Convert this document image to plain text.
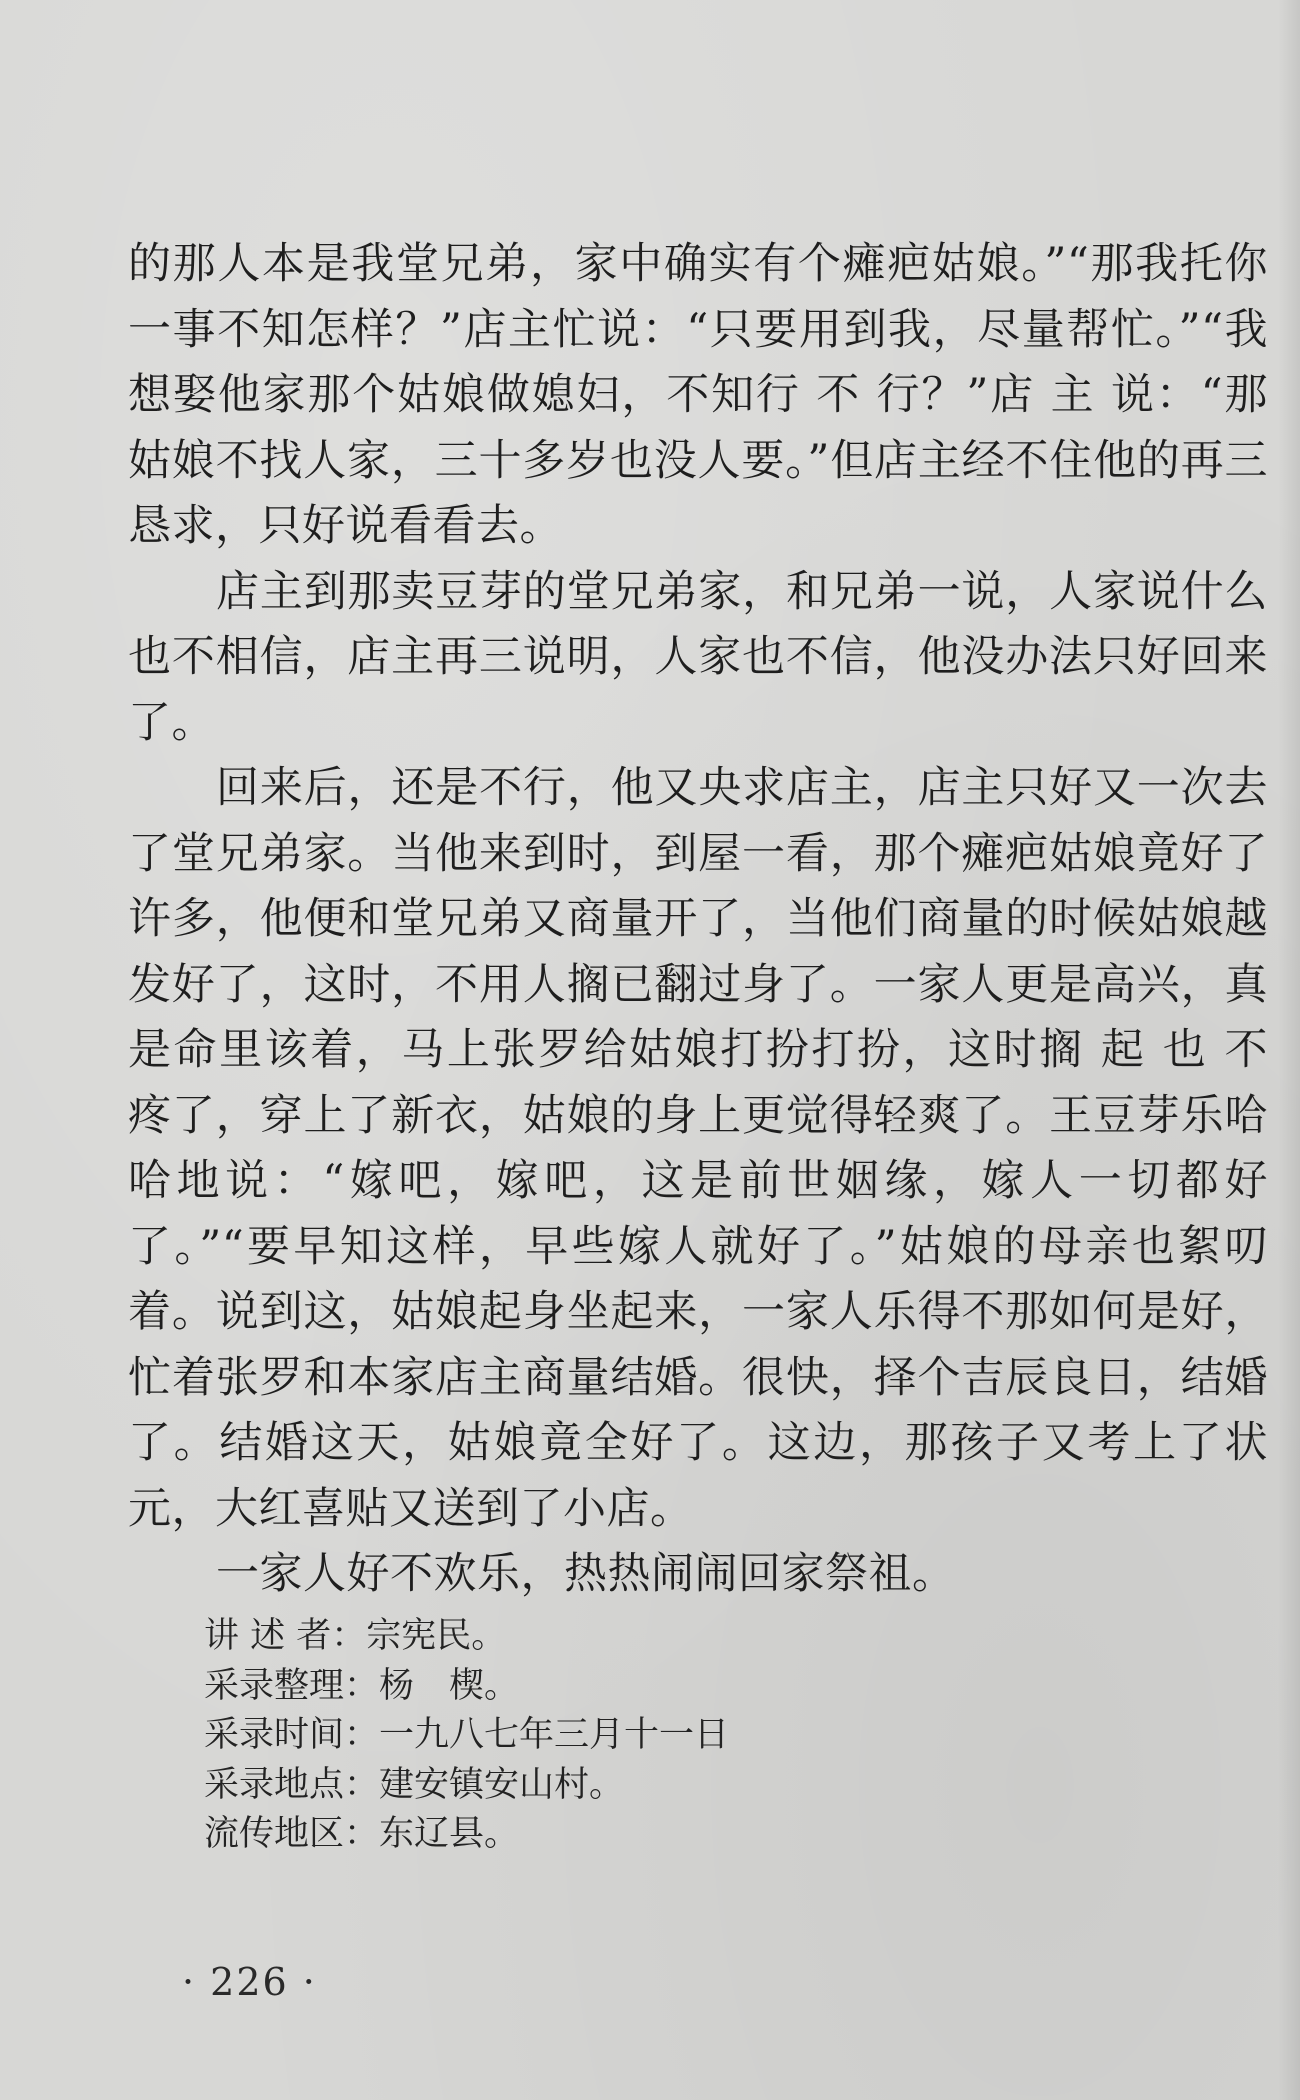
的那人本是我堂兄弟，家中确实有个瘫疤姑娘。”“那我托你一事不知怎样？”店主忙说：“只要用到我，尽量帮忙。”“我想娶他家那个姑娘做媳妇，不知行 不 行？”店 主 说：“那姑娘不找人家，三十多岁也没人要。”但店主经不住他的再三恳求，只好说看看去。

店主到那卖豆芽的堂兄弟家，和兄弟一说，人家说什么也不相信，店主再三说明，人家也不信，他没办法只好回来了。

回来后，还是不行，他又央求店主，店主只好又一次去了堂兄弟家。当他来到时，到屋一看，那个瘫疤姑娘竟好了许多，他便和堂兄弟又商量开了，当他们商量的时候姑娘越发好了，这时，不用人搁已翻过身了。一家人更是高兴，真是命里该着，马上张罗给姑娘打扮打扮，这时搁 起 也 不 疼了，穿上了新衣，姑娘的身上更觉得轻爽了。王豆芽乐哈哈地说：“嫁吧，嫁吧，这是前世姻缘，嫁人一切都好了。”“要早知这样，早些嫁人就好了。”姑娘的母亲也絮叨着。说到这，姑娘起身坐起来，一家人乐得不那如何是好，忙着张罗和本家店主商量结婚。很快，择个吉辰良日，结婚了。结婚这天，姑娘竟全好了。这边，那孩子又考上了状元，大红喜贴又送到了小店。

一家人好不欢乐，热热闹闹回家祭祖。

讲 述 者： 宗宪民。
采录整理： 杨　楔。
采录时间： 一九八七年三月十一日
采录地点： 建安镇安山村。
流传地区： 东辽县。
· 226 ·
